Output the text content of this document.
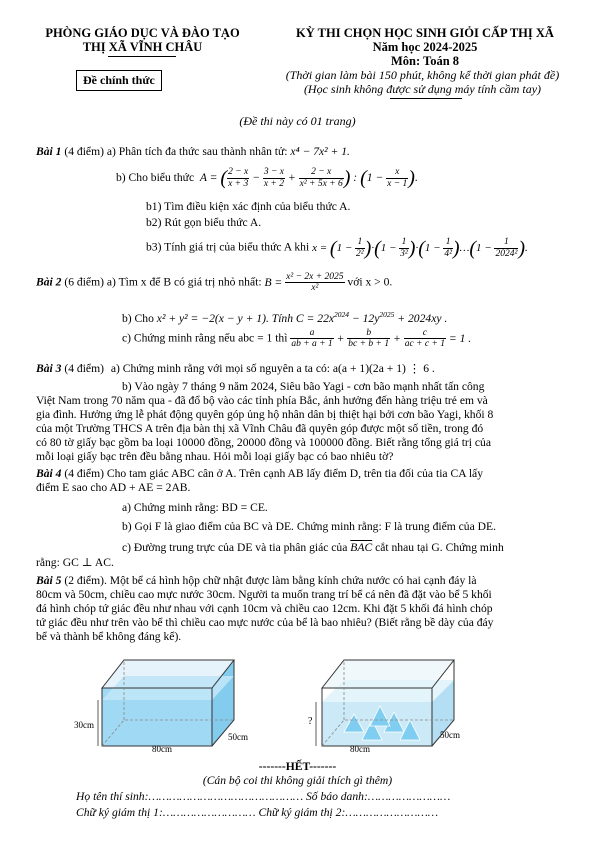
PHÒNG GIÁO DỤC VÀ ĐÀO TẠO
THỊ XÃ VĨNH CHÂU
Đề chính thức
KỲ THI CHỌN HỌC SINH GIỎI CẤP THỊ XÃ
Năm học 2024-2025
Môn: Toán 8
(Thời gian làm bài 150 phút, không kể thời gian phát đề)
(Học sinh không được sử dụng máy tính cầm tay)
(Đề thi này có 01 trang)
Bài 1 (4 điểm) a) Phân tích đa thức sau thành nhân tử: x⁴ − 7x² + 1.
b) Cho biểu thức  A = ( $\frac{2 - x}{x + 3} - \frac{3 - x}{x + 2} + \frac{2 - x}{\text{x² + 5x + 6}}$ ) : ($1 - \frac{x}{x - 1}$ ).
b1) Tìm điều kiện xác định của biểu thức A.
b2) Rút gọn biểu thức A.
b3) Tính giá trị của biểu thức A khi $x = (1 - \frac{1}{\text{2²}} )\cdot(1 - \frac{1}{\text{3²}} )\cdot(1 - \frac{1}{\text{4²}}$ )…(1 − $\frac{1}{\text{2024²}}$ ).
Bài 2 (6 điểm) a) Tìm x để B có giá trị nhỏ nhất: $B = \frac{\text{x² − 2x + 2025}}{\text{x²}}$ với x > 0.
b) Cho x² + y² = −2(x − y + 1). Tính $C = 22x^{2024} - 12y^{2025} + 2024xy$ .
c) Chứng minh rằng nếu abc = 1 thì $\frac{a}{ab + a + 1} + \frac{b}{bc + b + 1} + \frac{c}{ac + c + 1} = 1$ .
Bài 3 (4 điểm) a) Chứng minh rằng với mọi số nguyên a ta có: a(a + 1)(2a + 1) ⋮ 6 .
b) Vào ngày 7 tháng 9 năm 2024, Siêu bão Yagi - cơn bão mạnh nhất tấn công
Việt Nam trong 70 năm qua - đã đổ bộ vào các tỉnh phía Bắc, ảnh hưởng đến hàng triệu trẻ em và
gia đình. Hưởng ứng lễ phát động quyên góp ủng hộ nhân dân bị thiệt hại bởi cơn bão Yagi, khối 8
của một Trường THCS A trên địa bàn thị xã Vĩnh Châu đã quyên góp được một số tiền, trong đó
có 80 tờ giấy bạc gồm ba loại 10000 đồng, 20000 đồng và 100000 đồng. Biết rằng tổng giá trị của
mỗi loại giấy bạc trên đều bằng nhau. Hỏi mỗi loại giấy bạc có bao nhiêu tờ?
Bài 4 (4 điểm) Cho tam giác ABC cân ở A. Trên cạnh AB lấy điểm D, trên tia đối của tia CA lấy
điểm E sao cho AD + AE = 2AB.
a) Chứng minh rằng: BD = CE.
b) Gọi F là giao điểm của BC và DE. Chứng minh rằng: F là trung điểm của DE.
c) Đường trung trực của DE và tia phân giác của $\overline{BAC}$ cắt nhau tại G. Chứng minh
rằng: GC ⊥ AC.
Bài 5 (2 điểm). Một bể cá hình hộp chữ nhật được làm bằng kính chứa nước có hai cạnh đáy là
80cm và 50cm, chiều cao mực nước 30cm. Người ta muốn trang trí bể cá nên đã đặt vào bể 5 khối
đá hình chóp tứ giác đều như nhau với cạnh 10cm và chiều cao 12cm. Khi đặt 5 khối đá hình chóp
tứ giác đều như trên vào bể thì chiều cao mực nước của bể là bao nhiêu? (Biết rằng bề dày của đáy
bể và thành bể không đáng kể).
30cm
80cm
50cm
?
80cm
50cm
-------HẾT-------
(Cán bộ coi thi không giải thích gì thêm)
Họ tên thí sinh:……………………………………… Số báo danh:……………………
Chữ ký giám thị 1:……………………… Chữ ký giám thị 2:………………………
